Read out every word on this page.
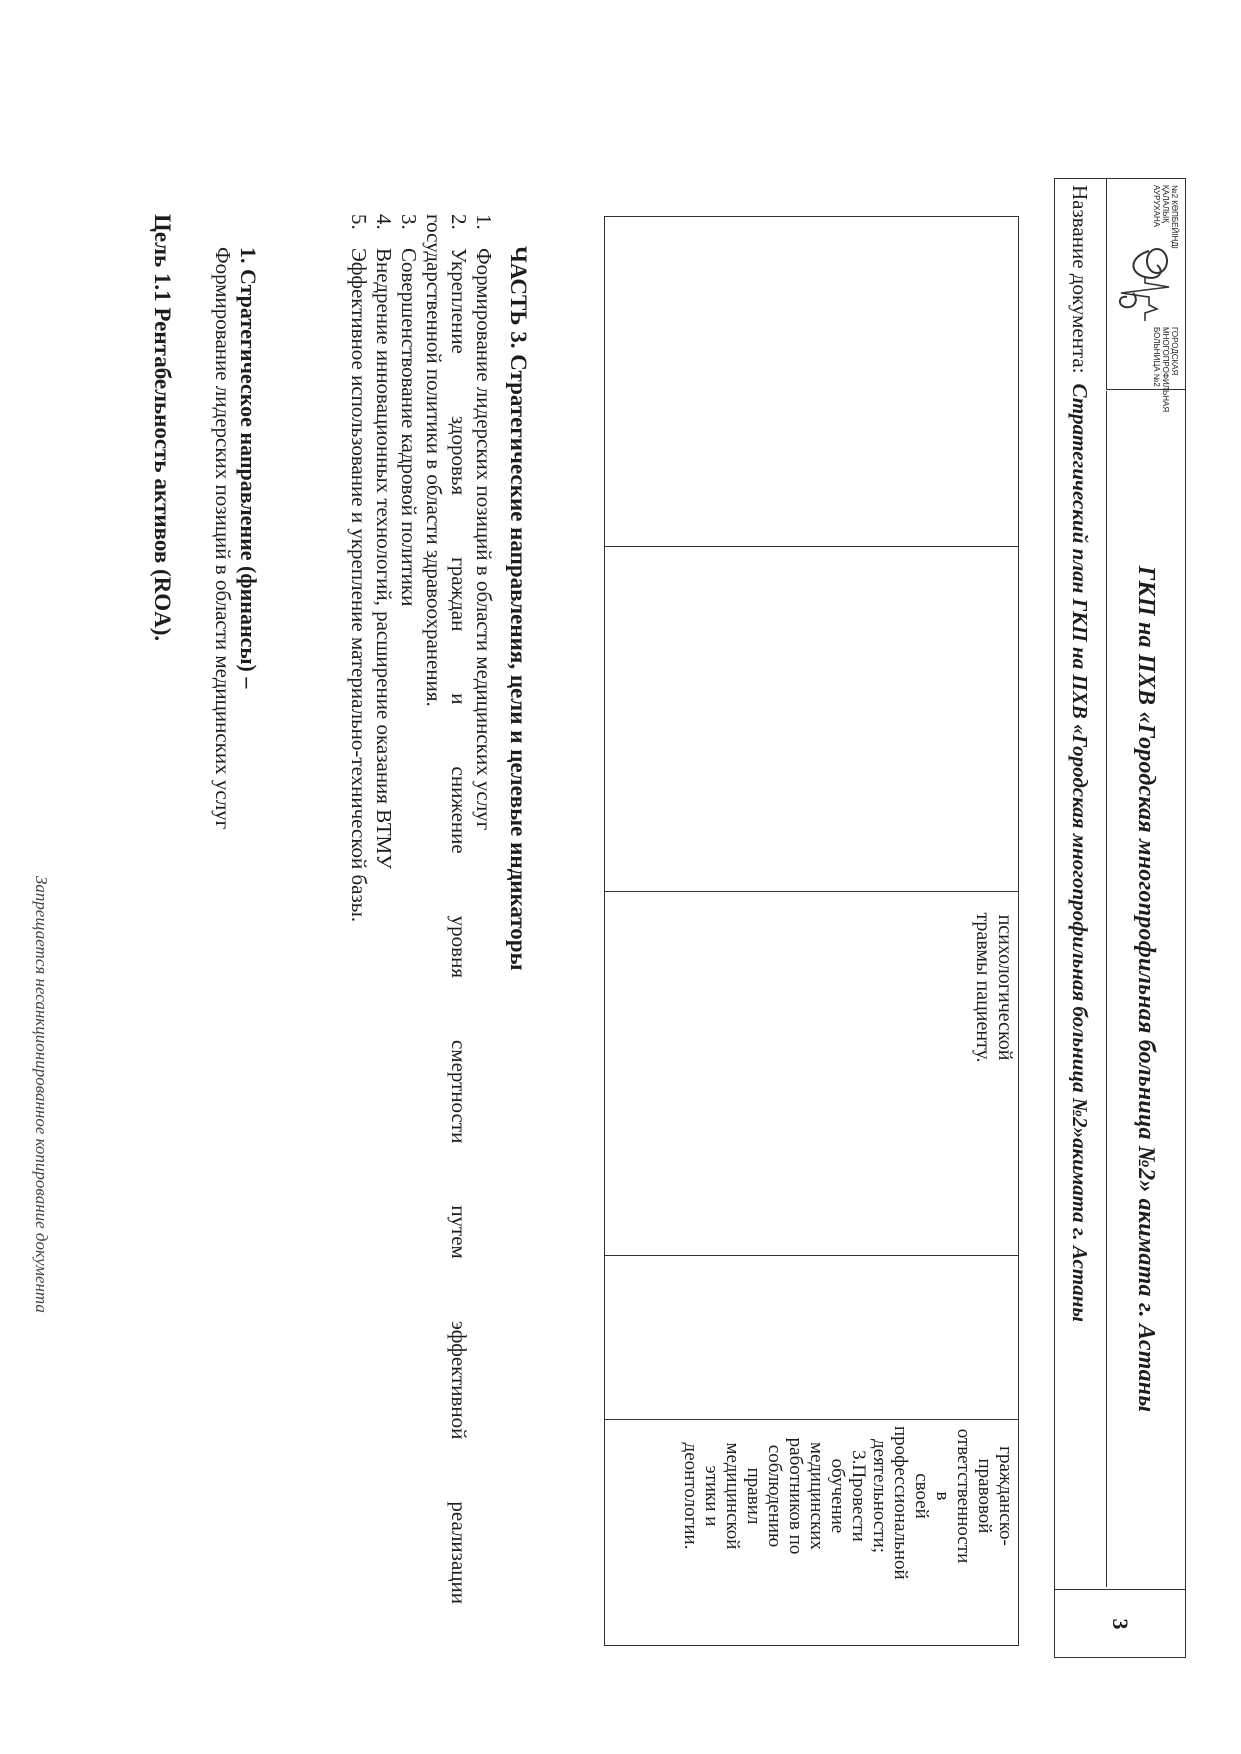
№2 КӨПБЕЙІНДІ
ҚАЛАЛЫҚ
АУРУХАНА
ГОРОДСКАЯ
МНОГОПРОФИЛЬНАЯ
БОЛЬНИЦА №2
ГКП на ПХВ «Городская многопрофильная больница №2» акимата г. Астаны
Название документа:
Стратегический план ГКП на ПХВ «Городская многопрофильная больница №2»акимата г. Астаны
3
психологической травмы пациенту.
гражданско-
правовой
ответственности в
своей
профессиональной
деятельности;
3.Провести
обучение
медицинских
работников по
соблюдению
правил
медицинской
этики и
деонтологии.
ЧАСТЬ 3. Стратегические направления, цели и целевые индикаторы
1.
Формирование лидерских позиций в области медицинских услуг
2.
Укрепление здоровья граждан и снижение уровня смертности путем эффективной реализации
государственной политики в области здравоохранения.
3.
Совершенствование кадровой политики
4.
Внедрение инновационных технологий, расширение оказания ВТМУ
5.
Эффективное использование и укрепление материально-технической базы.
1. Стратегическое направление (финансы) –
Формирование лидерских позиций в области медицинских услуг
Цель 1.1 Рентабельность активов (ROA).
Запрещается несанкционированное копирование документа
